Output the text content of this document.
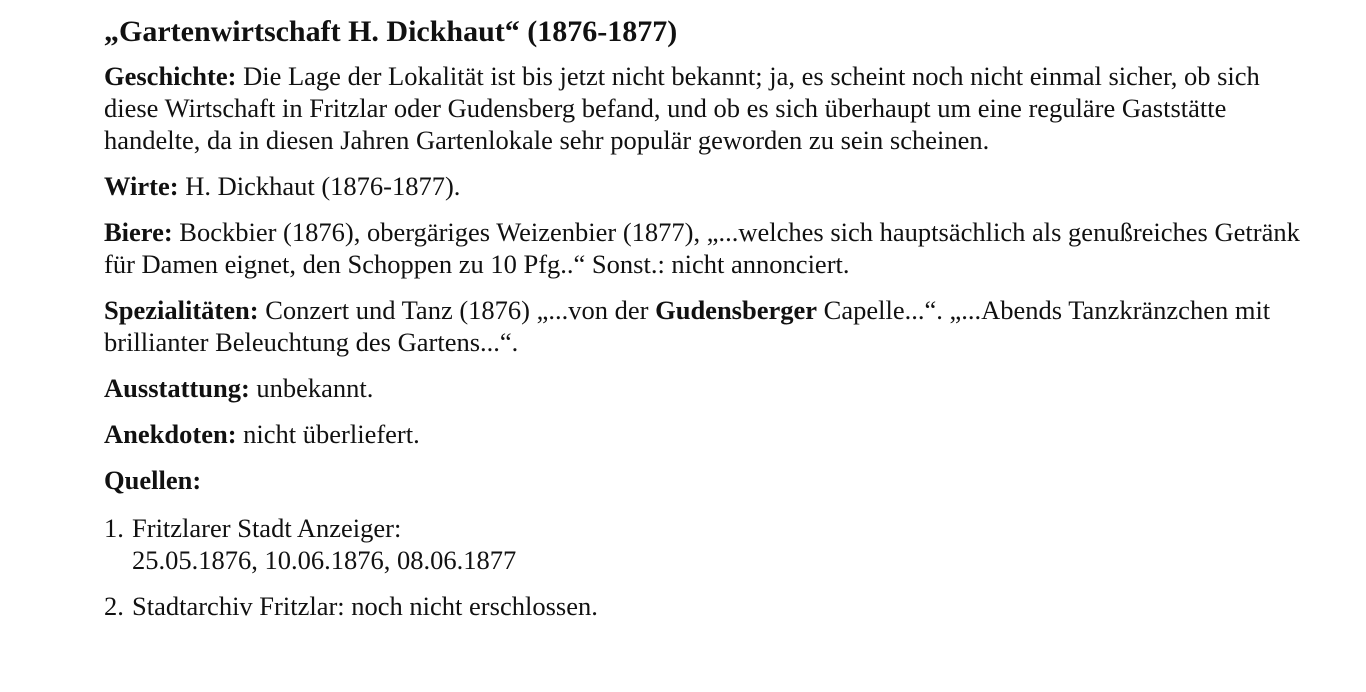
„Gartenwirtschaft H. Dickhaut“ (1876-1877)

Geschichte: Die Lage der Lokalität ist bis jetzt nicht bekannt; ja, es scheint noch nicht einmal sicher, ob sich diese Wirtschaft in Fritzlar oder Gudensberg befand, und ob es sich überhaupt um eine reguläre Gaststätte handelte, da in diesen Jahren Gartenlokale sehr populär geworden zu sein scheinen.

Wirte: H. Dickhaut (1876-1877).

Biere: Bockbier (1876), obergäriges Weizenbier (1877), „...welches sich hauptsächlich als genußreiches Getränk für Damen eignet, den Schoppen zu 10 Pfg..“ Sonst.: nicht annonciert.

Spezialitäten: Conzert und Tanz (1876) „...von der Gudensberger Capelle...“. „...Abends Tanzkränzchen mit brillianter Beleuchtung des Gartens...“.

Ausstattung: unbekannt.

Anekdoten: nicht überliefert.

Quellen:
1. Fritzlarer Stadt Anzeiger:
25.05.1876, 10.06.1876, 08.06.1877
2. Stadtarchiv Fritzlar: noch nicht erschlossen.
